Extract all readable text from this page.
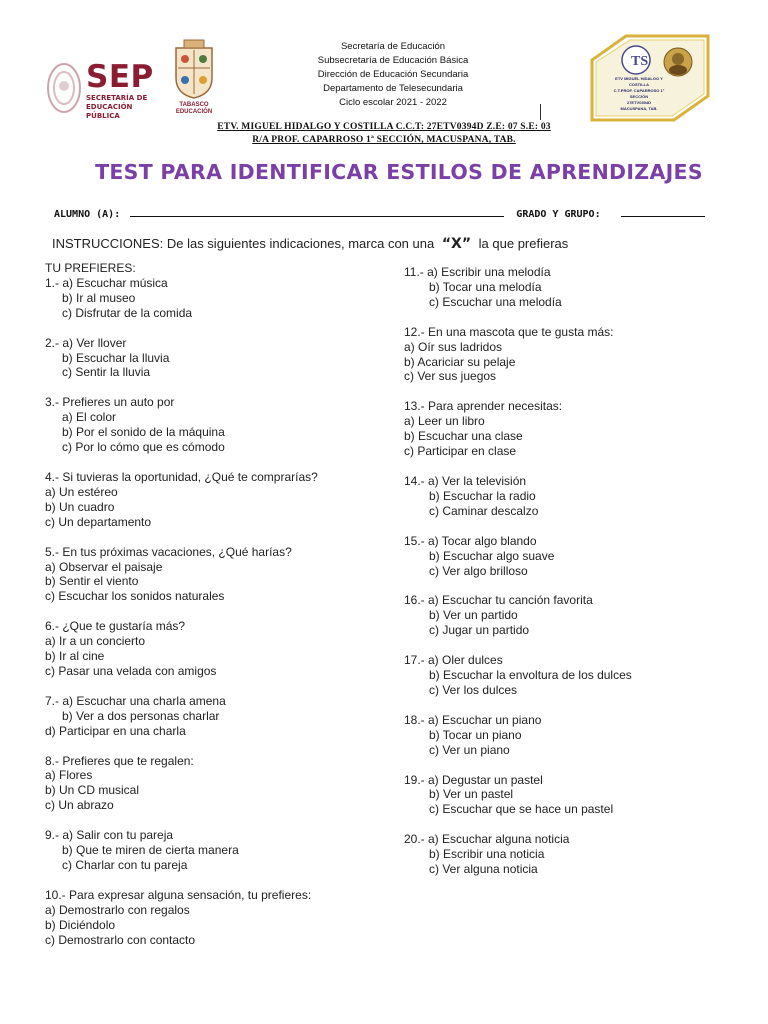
SEP
SECRETARÍA DE EDUCACIÓN PÚBLICA
TABASCO
EDUCACIÓN
Secretaría de Educación
Subsecretaría de Educación Básica
Dirección de Educación Secundaria
Departamento de Telesecundaria
Ciclo escolar 2021 - 2022
TS
ETV MIGUEL HIDALGO Y
COSTILLA
C.T.PROF. CAPARROSO 1°
SECCIÓN
27ETV0394D
MACUSPANA, TAB.
ETV. MIGUEL HIDALGO Y COSTILLA C.C.T: 27ETV0394D Z.E: 07 S.E: 03
R/A PROF. CAPARROSO 1ª SECCIÓN, MACUSPANA, TAB.
TEST PARA IDENTIFICAR ESTILOS DE APRENDIZAJES
ALUMNO (A):	GRADO Y GRUPO:
INSTRUCCIONES: De las siguientes indicaciones, marca con una “X” la que prefieras
TU PREFIERES:
1.- a) Escuchar música
b) Ir al museo
c) Disfrutar de la comida
2.- a) Ver llover
b) Escuchar la lluvia
c) Sentir la lluvia
3.- Prefieres un auto por
a) El color
b) Por el sonido de la máquina
c) Por lo cómo que es cómodo
4.- Si tuvieras la oportunidad, ¿Qué te comprarías?
a) Un estéreo
b) Un cuadro
c) Un departamento
5.- En tus próximas vacaciones, ¿Qué harías?
a) Observar el paisaje
b) Sentir el viento
c) Escuchar los sonidos naturales
6.- ¿Que te gustaría más?
a) Ir a un concierto
b) Ir al cine
c) Pasar una velada con amigos
7.- a) Escuchar una charla amena
b) Ver a dos personas charlar
d) Participar en una charla
8.- Prefieres que te regalen:
a) Flores
b) Un CD musical
c) Un abrazo
9.- a) Salir con tu pareja
b) Que te miren de cierta manera
c) Charlar con tu pareja
10.- Para expresar alguna sensación, tu prefieres:
a) Demostrarlo con regalos
b) Diciéndolo
c) Demostrarlo con contacto
11.- a) Escribir una melodía
b) Tocar una melodía
c) Escuchar una melodía
12.- En una mascota que te gusta más:
a) Oír sus ladridos
b) Acariciar su pelaje
c) Ver sus juegos
13.- Para aprender necesitas:
a) Leer un libro
b) Escuchar una clase
c) Participar en clase
14.- a) Ver la televisión
b) Escuchar la radio
c) Caminar descalzo
15.- a) Tocar algo blando
b) Escuchar algo suave
c) Ver algo brilloso
16.- a) Escuchar tu canción favorita
b) Ver un partido
c) Jugar un partido
17.- a) Oler dulces
b) Escuchar la envoltura de los dulces
c) Ver los dulces
18.- a) Escuchar un piano
b) Tocar un piano
c) Ver un piano
19.- a) Degustar un pastel
b) Ver un pastel
c) Escuchar que se hace un pastel
20.- a) Escuchar alguna noticia
b) Escribir una noticia
c) Ver alguna noticia
